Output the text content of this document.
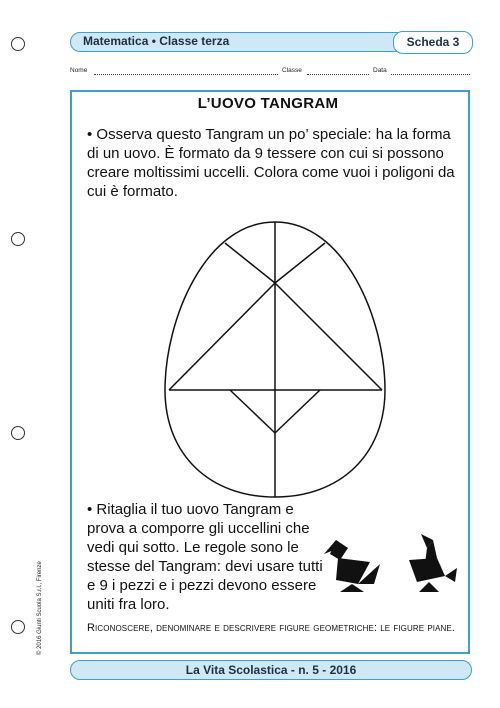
Matematica • Classe terza	Scheda 3
Nome	Classe	Data
L’UOVO TANGRAM

• Osserva questo Tangram un po’ speciale: ha la forma di un uovo. È formato da 9 tessere con cui si possono creare moltissimi uccelli. Colora come vuoi i poligoni da cui è formato.

• Ritaglia il tuo uovo Tangram e prova a comporre gli uccellini che vedi qui sotto. Le regole sono le stesse del Tangram: devi usare tutti e 9 i pezzi e i pezzi devono essere uniti fra loro.

Riconoscere, denominare e descrivere figure geometriche: le figure piane.
© 2016 Giunti Scuola S.r.l., Firenze
La Vita Scolastica - n. 5 - 2016
